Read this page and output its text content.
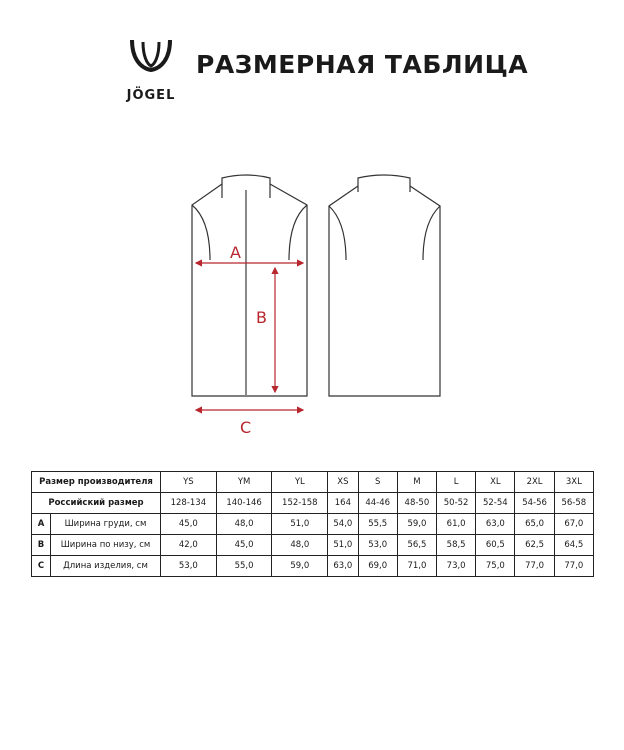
JÖGEL
РАЗМЕРНАЯ ТАБЛИЦА
A
B
C
Размер производителя		YS	YM	YL	XS	S	M	L	XL	2XL	3XL
Российский размер		128-134	140-146	152-158	164	44-46	48-50	50-52	52-54	54-56	56-58
A	Ширина груди, см	45,0	48,0	51,0	54,0	55,5	59,0	61,0	63,0	65,0	67,0
B	Ширина по низу, см	42,0	45,0	48,0	51,0	53,0	56,5	58,5	60,5	62,5	64,5
C	Длина изделия, см	53,0	55,0	59,0	63,0	69,0	71,0	73,0	75,0	77,0	77,0
